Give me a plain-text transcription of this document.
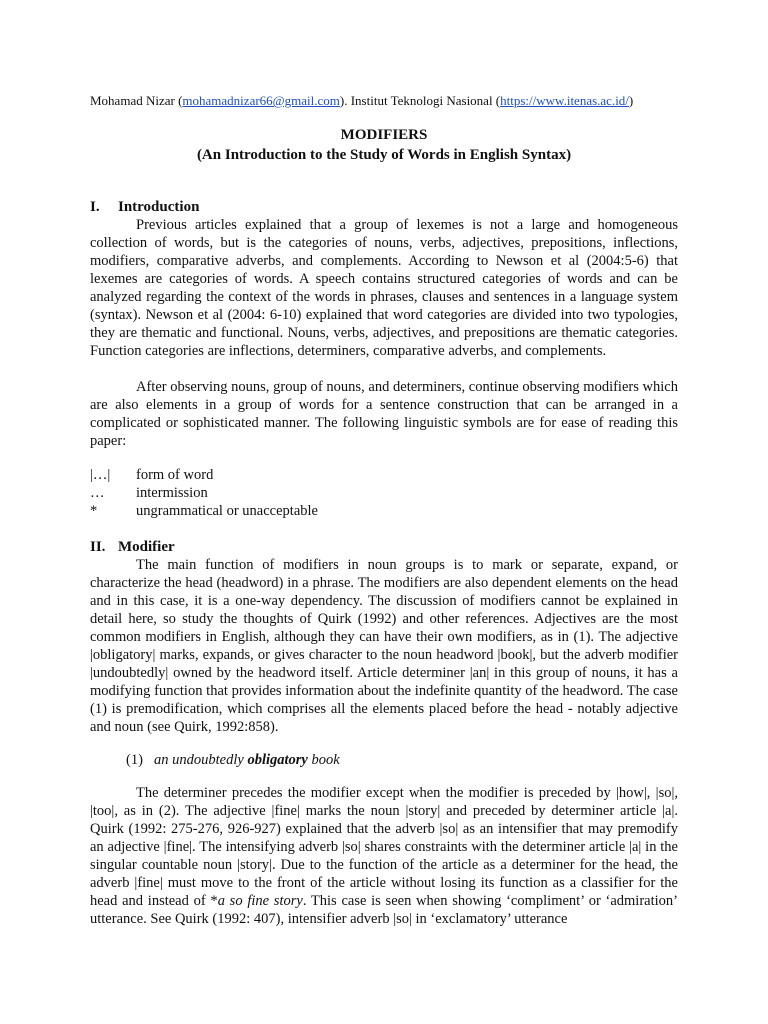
Mohamad Nizar (mohamadnizar66@gmail.com). Institut Teknologi Nasional (https://www.itenas.ac.id/)
MODIFIERS
(An Introduction to the Study of Words in English Syntax)
I. Introduction

Previous articles explained that a group of lexemes is not a large and homogeneous collection of words, but is the categories of nouns, verbs, adjectives, prepositions, inflections, modifiers, comparative adverbs, and complements. According to Newson et al (2004:5-6) that lexemes are categories of words. A speech contains structured categories of words and can be analyzed regarding the context of the words in phrases, clauses and sentences in a language system (syntax). Newson et al (2004: 6-10) explained that word categories are divided into two typologies, they are thematic and functional. Nouns, verbs, adjectives, and prepositions are thematic categories. Function categories are inflections, determiners, comparative adverbs, and complements.

After observing nouns, group of nouns, and determiners, continue observing modifiers which are also elements in a group of words for a sentence construction that can be arranged in a complicated or sophisticated manner. The following linguistic symbols are for ease of reading this paper:

|…| form of word
… intermission
*	ungrammatical or unacceptable
II. Modifier

The main function of modifiers in noun groups is to mark or separate, expand, or characterize the head (headword) in a phrase. The modifiers are also dependent elements on the head and in this case, it is a one-way dependency. The discussion of modifiers cannot be explained in detail here, so study the thoughts of Quirk (1992) and other references. Adjectives are the most common modifiers in English, although they can have their own modifiers, as in (1). The adjective |obligatory| marks, expands, or gives character to the noun headword |book|, but the adverb modifier |undoubtedly| owned by the headword itself. Article determiner |an| in this group of nouns, it has a modifying function that provides information about the indefinite quantity of the headword. The case (1) is premodification, which comprises all the elements placed before the head - notably adjective and noun (see Quirk, 1992:858).

(1) an undoubtedly obligatory book

The determiner precedes the modifier except when the modifier is preceded by |how|, |so|, |too|, as in (2). The adjective |fine| marks the noun |story| and preceded by determiner article |a|. Quirk (1992: 275-276, 926-927) explained that the adverb |so| as an intensifier that may premodify an adjective |fine|. The intensifying adverb |so| shares constraints with the determiner article |a| in the singular countable noun |story|. Due to the function of the article as a determiner for the head, the adverb |fine| must move to the front of the article without losing its function as a classifier for the head and instead of *a so fine story. This case is seen when showing ‘compliment’ or ‘admiration’ utterance. See Quirk (1992: 407), intensifier adverb |so| in ‘exclamatory’ utterance
